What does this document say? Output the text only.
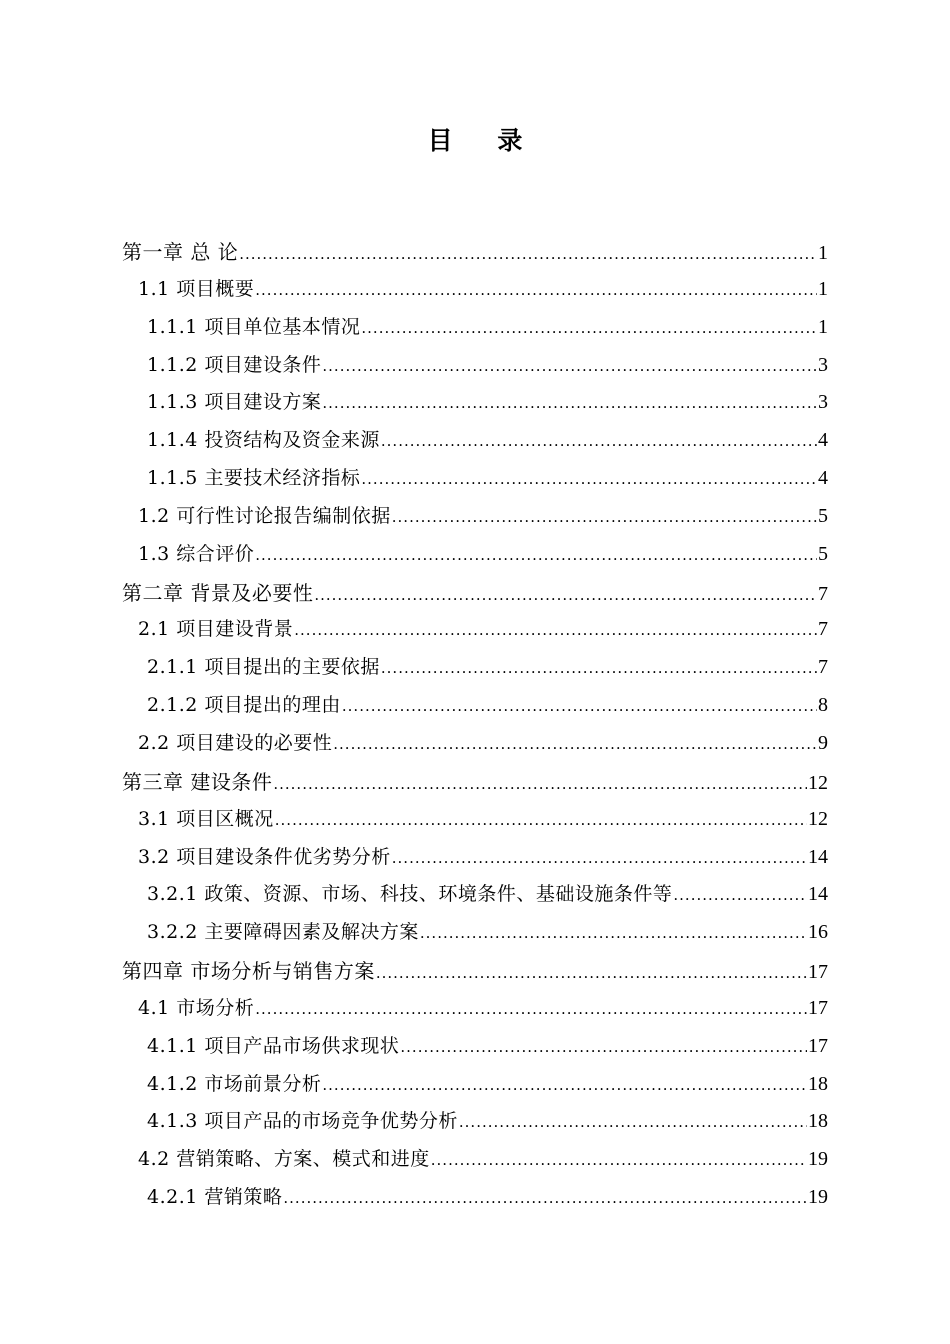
目 录
第一章 总 论 .....	1
1.1 项目概要 .....	1
1.1.1 项目单位基本情况 .....	1
1.1.2 项目建设条件 .....	3
1.1.3 项目建设方案 .....	3
1.1.4 投资结构及资金来源 .....	4
1.1.5 主要技术经济指标 .....	4
1.2 可行性讨论报告编制依据 .....	5
1.3 综合评价 .....	5
第二章 背景及必要性 .....	7
2.1 项目建设背景 .....	7
2.1.1 项目提出的主要依据 .....	7
2.1.2 项目提出的理由 .....	8
2.2 项目建设的必要性 .....	9
第三章 建设条件 .....	12
3.1 项目区概况 .....	12
3.2 项目建设条件优劣势分析 .....	14
3.2.1 政策、资源、市场、科技、环境条件、基础设施条件等 .....	14
3.2.2 主要障碍因素及解决方案 .....	16
第四章 市场分析与销售方案 .....	17
4.1 市场分析 .....	17
4.1.1 项目产品市场供求现状 .....	17
4.1.2 市场前景分析 .....	18
4.1.3 项目产品的市场竞争优势分析 .....	18
4.2 营销策略、方案、模式和进度 .....	19
4.2.1 营销策略 .....	19
